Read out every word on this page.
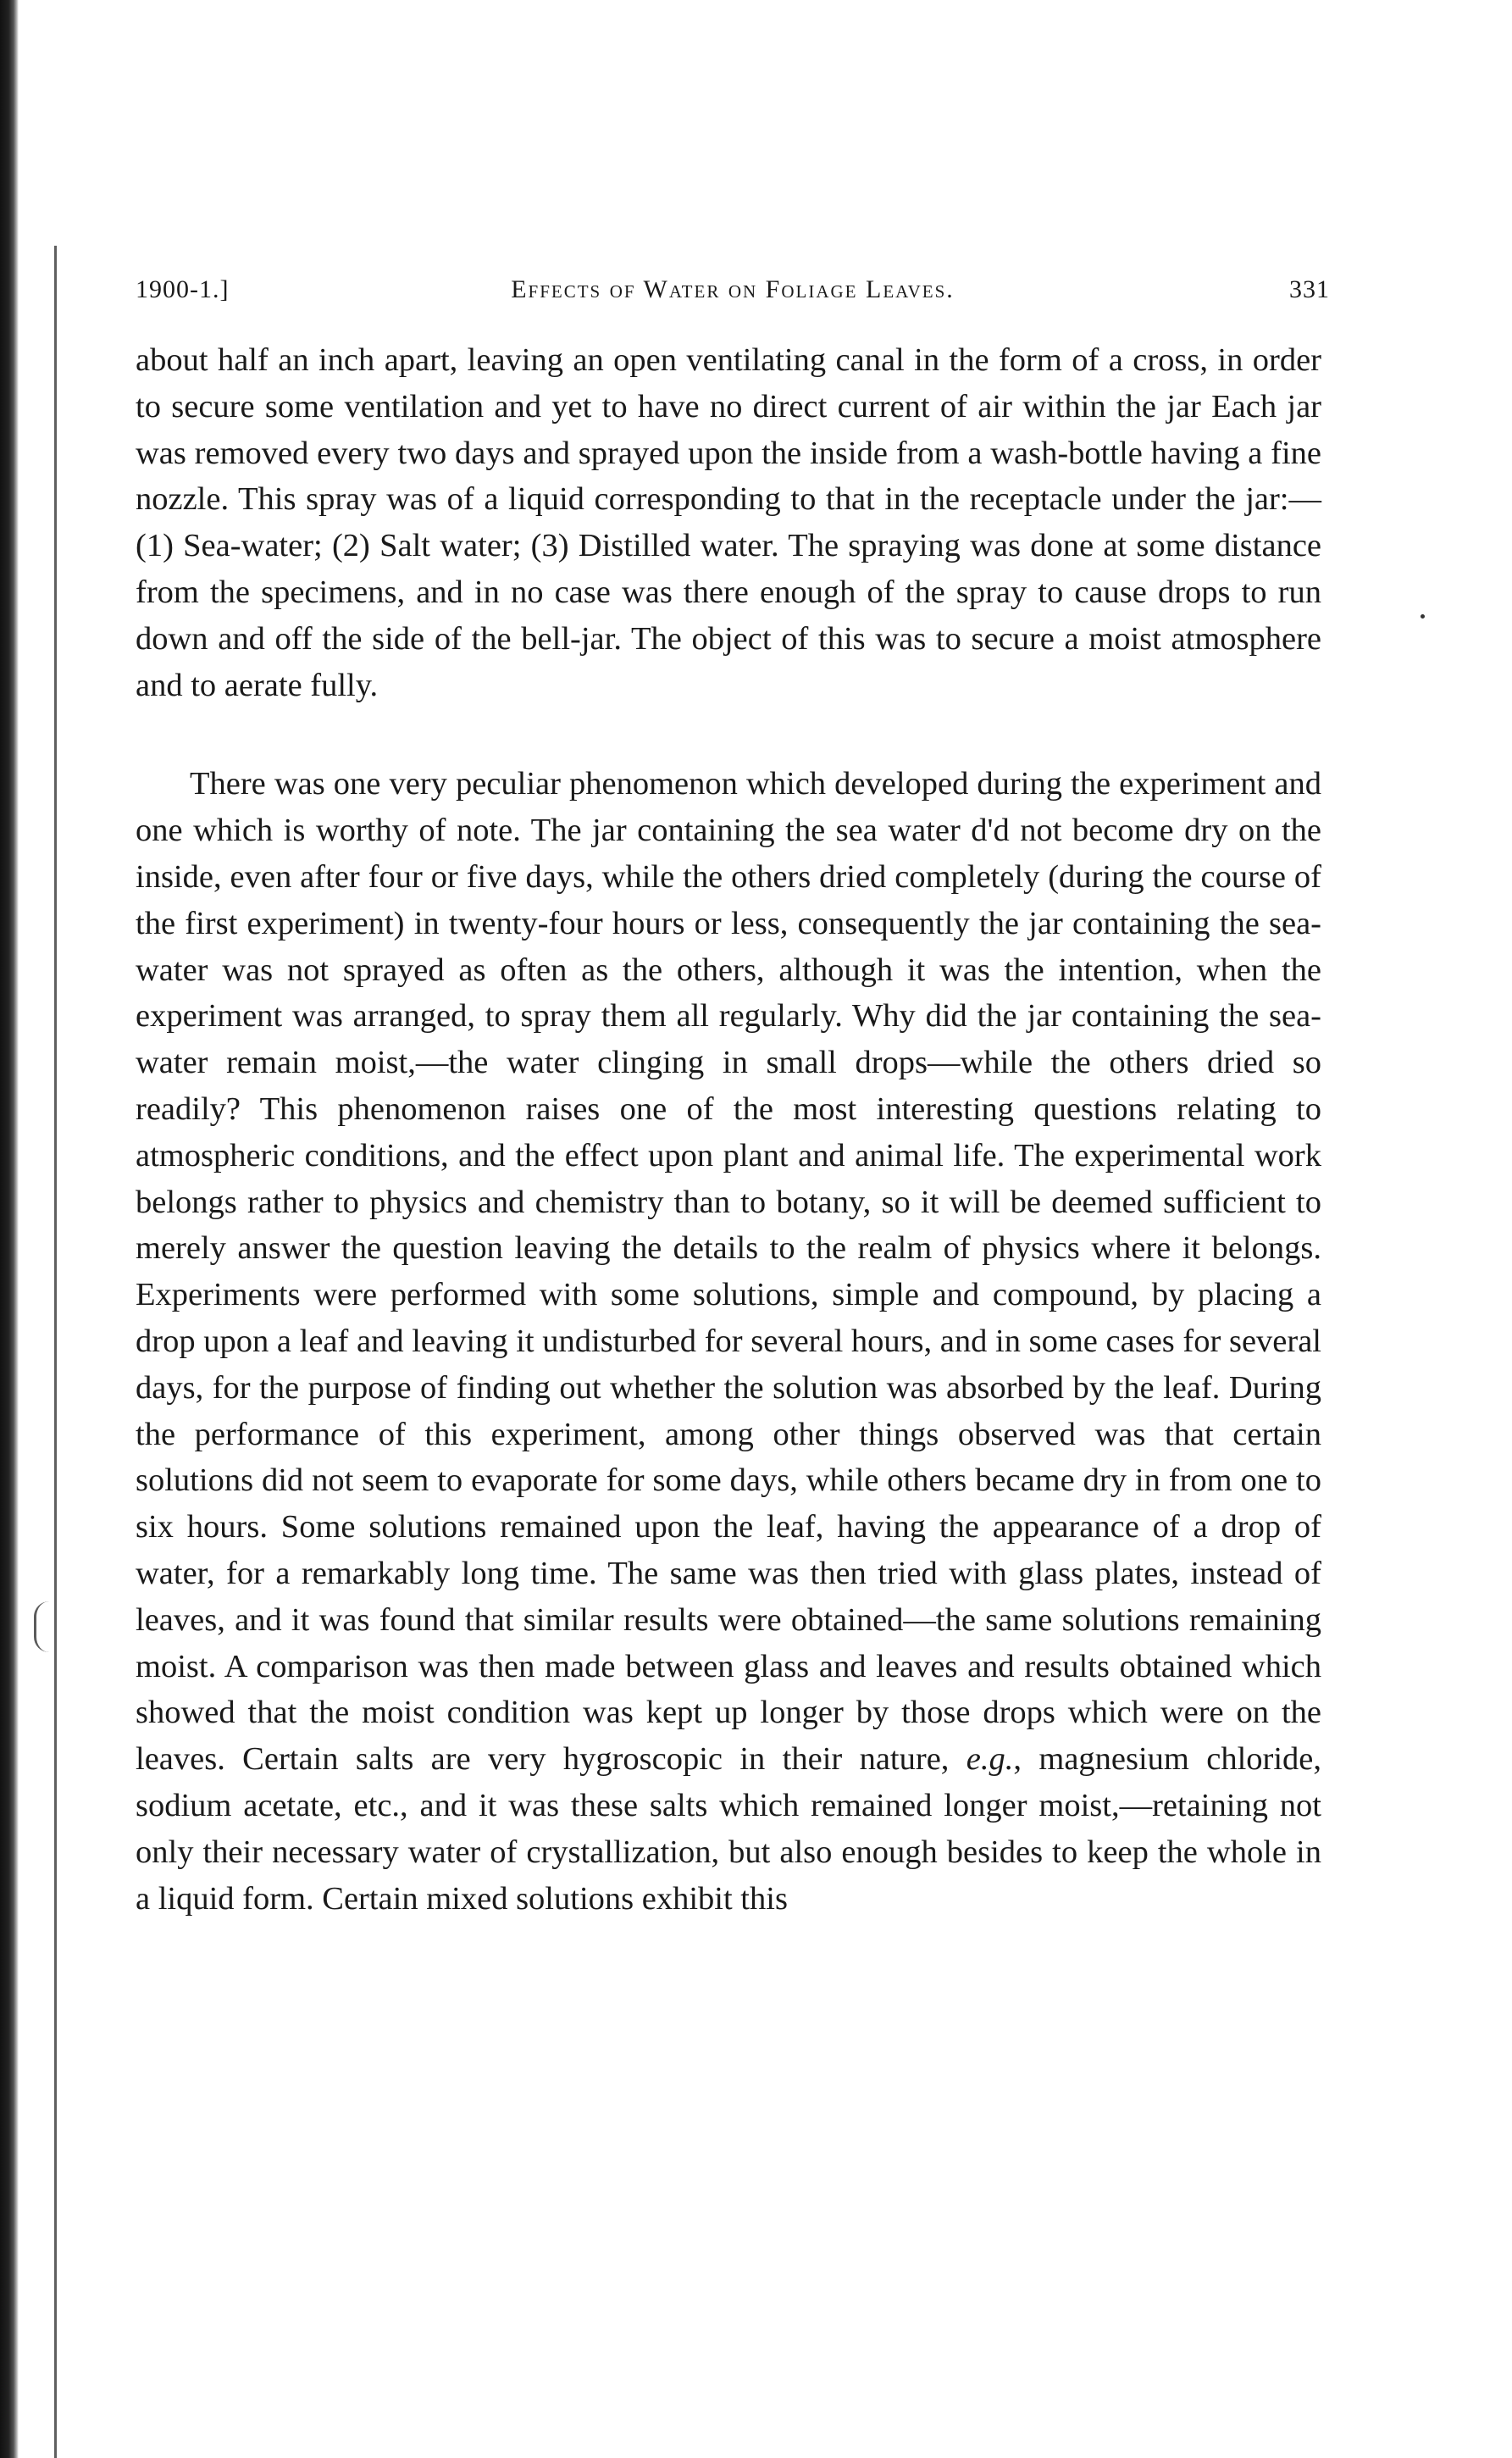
1900-1.]	Effects of Water on Foliage Leaves.	331

about half an inch apart, leaving an open ventilating canal in the form of a cross, in order to secure some ventilation and yet to have no direct current of air within the jar Each jar was removed every two days and sprayed upon the inside from a wash-bottle having a fine nozzle. This spray was of a liquid corresponding to that in the receptacle under the jar:—(1) Sea-water; (2) Salt water; (3) Distilled water. The spraying was done at some distance from the specimens, and in no case was there enough of the spray to cause drops to run down and off the side of the bell-jar. The object of this was to secure a moist atmosphere and to aerate fully.

There was one very peculiar phenomenon which developed during the experiment and one which is worthy of note. The jar containing the sea water d'd not become dry on the inside, even after four or five days, while the others dried completely (during the course of the first experiment) in twenty-four hours or less, consequently the jar containing the sea-water was not sprayed as often as the others, although it was the intention, when the experiment was arranged, to spray them all regularly. Why did the jar containing the sea-water remain moist,—the water clinging in small drops—while the others dried so readily? This phenomenon raises one of the most interesting questions relating to atmospheric conditions, and the effect upon plant and animal life. The experimental work belongs rather to physics and chemistry than to botany, so it will be deemed sufficient to merely answer the question leaving the details to the realm of physics where it belongs. Experiments were performed with some solutions, simple and compound, by placing a drop upon a leaf and leaving it undisturbed for several hours, and in some cases for several days, for the purpose of finding out whether the solution was absorbed by the leaf. During the performance of this experiment, among other things observed was that certain solutions did not seem to evaporate for some days, while others became dry in from one to six hours. Some solutions remained upon the leaf, having the appearance of a drop of water, for a remarkably long time. The same was then tried with glass plates, instead of leaves, and it was found that similar results were obtained—the same solutions remaining moist. A comparison was then made between glass and leaves and results obtained which showed that the moist condition was kept up longer by those drops which were on the leaves. Certain salts are very hygroscopic in their nature, e.g., magnesium chloride, sodium acetate, etc., and it was these salts which remained longer moist,—retaining not only their necessary water of crystallization, but also enough besides to keep the whole in a liquid form. Certain mixed solutions exhibit this
